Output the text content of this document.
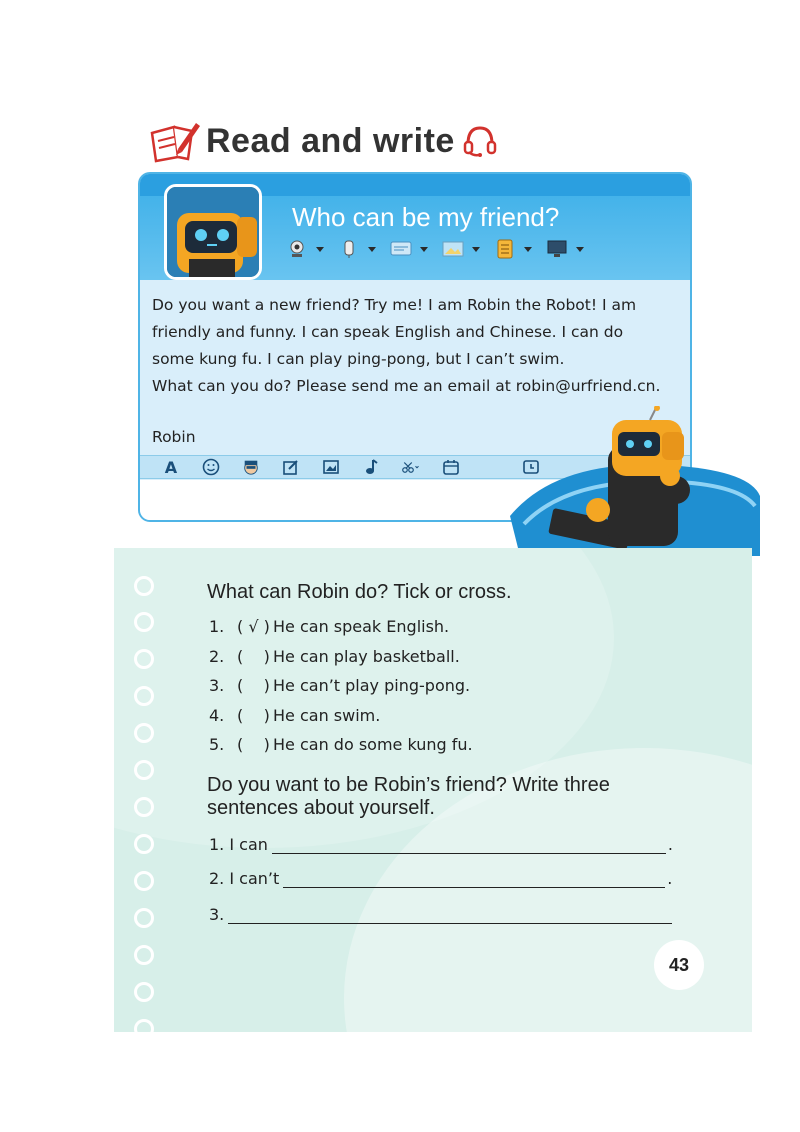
Read and write
Who can be my friend?

Do you want a new friend? Try me! I am Robin the Robot! I am

friendly and funny. I can speak English and Chinese. I can do

some kung fu. I can play ping-pong, but I can’t swim.

What can you do? Please send me an email at robin@urfriend.cn.

Robin
A
What can Robin do? Tick or cross.
1. ( √ ) He can speak English.
2. (    ) He can play basketball.
3. (    ) He can’t play ping-pong.
4. (    ) He can swim.
5. (    ) He can do some kung fu.
Do you want to be Robin’s friend? Write three sentences about yourself.
1. I can	.
2. I can’t	.
3.
43
